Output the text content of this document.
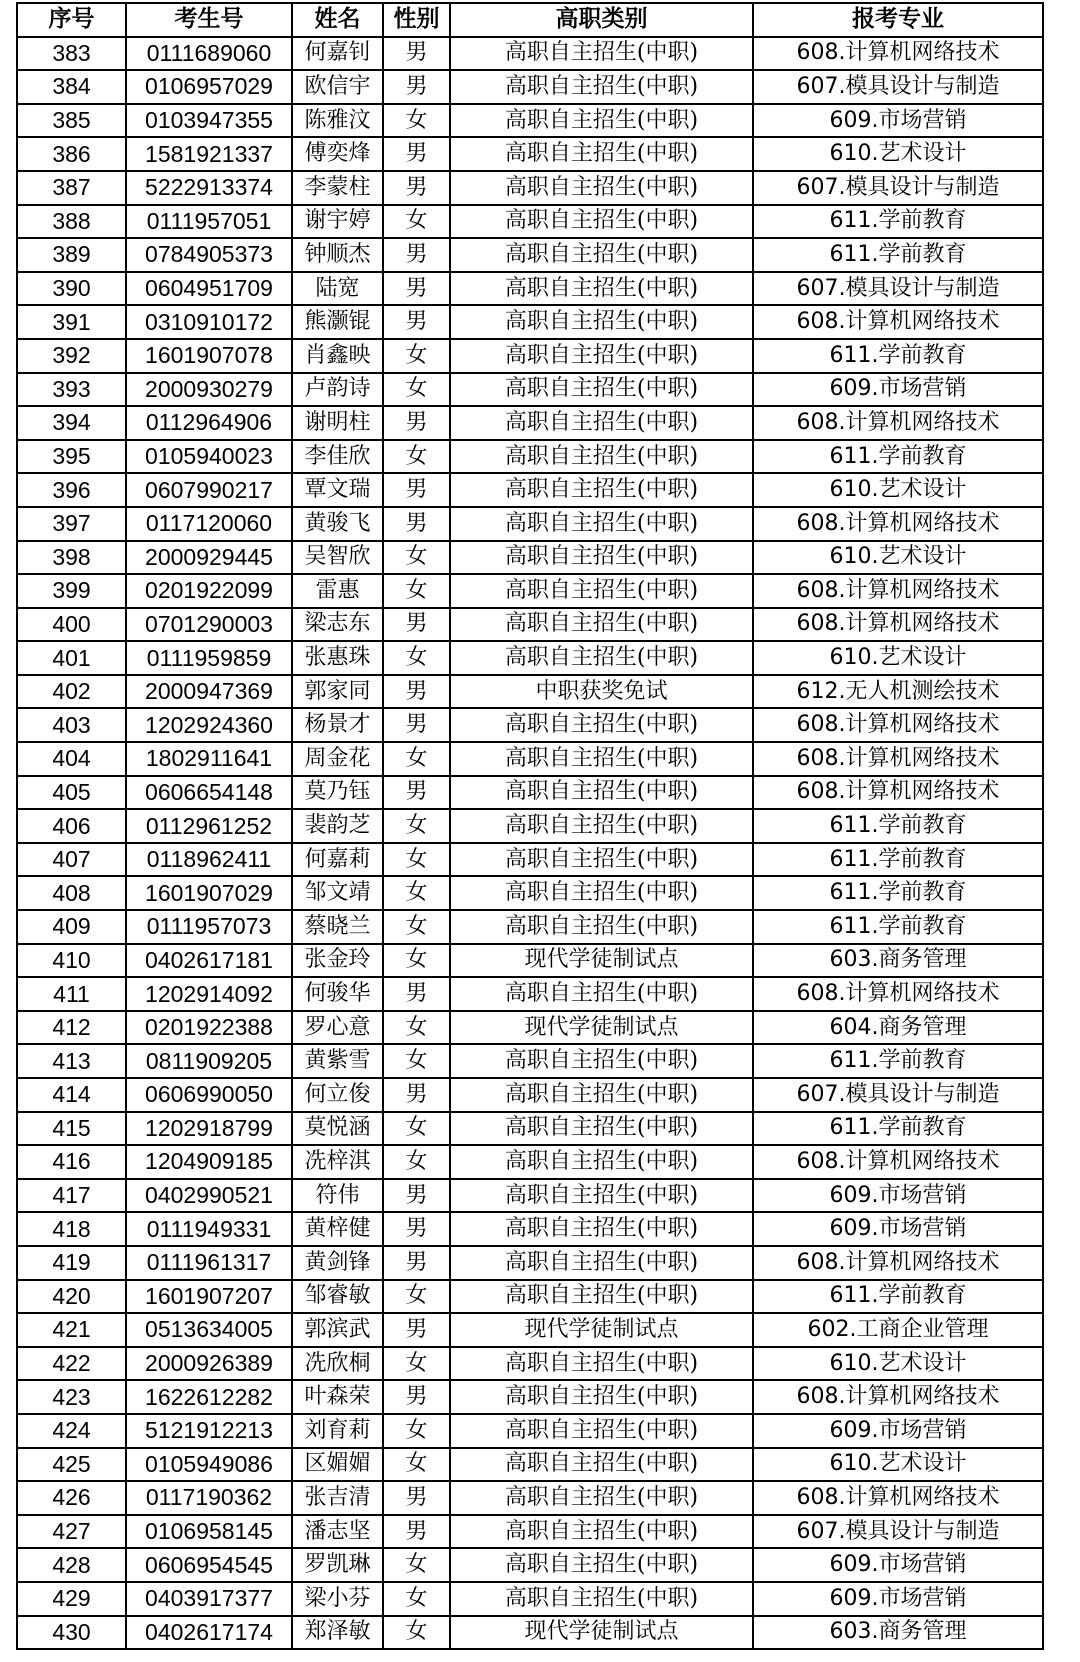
序号	考生号	姓名	性别	高职类别	报考专业
383	0111689060	何嘉钊	男	高职自主招生(中职)	608.计算机网络技术
384	0106957029	欧信宇	男	高职自主招生(中职)	607.模具设计与制造
385	0103947355	陈雅汶	女	高职自主招生(中职)	609.市场营销
386	1581921337	傅奕烽	男	高职自主招生(中职)	610.艺术设计
387	5222913374	李蒙柱	男	高职自主招生(中职)	607.模具设计与制造
388	0111957051	谢宇婷	女	高职自主招生(中职)	611.学前教育
389	0784905373	钟顺杰	男	高职自主招生(中职)	611.学前教育
390	0604951709	陆宽	男	高职自主招生(中职)	607.模具设计与制造
391	0310910172	熊灏锟	男	高职自主招生(中职)	608.计算机网络技术
392	1601907078	肖鑫映	女	高职自主招生(中职)	611.学前教育
393	2000930279	卢韵诗	女	高职自主招生(中职)	609.市场营销
394	0112964906	谢明柱	男	高职自主招生(中职)	608.计算机网络技术
395	0105940023	李佳欣	女	高职自主招生(中职)	611.学前教育
396	0607990217	覃文瑞	男	高职自主招生(中职)	610.艺术设计
397	0117120060	黄骏飞	男	高职自主招生(中职)	608.计算机网络技术
398	2000929445	吴智欣	女	高职自主招生(中职)	610.艺术设计
399	0201922099	雷惠	女	高职自主招生(中职)	608.计算机网络技术
400	0701290003	梁志东	男	高职自主招生(中职)	608.计算机网络技术
401	0111959859	张惠珠	女	高职自主招生(中职)	610.艺术设计
402	2000947369	郭家同	男	中职获奖免试	612.无人机测绘技术
403	1202924360	杨景才	男	高职自主招生(中职)	608.计算机网络技术
404	1802911641	周金花	女	高职自主招生(中职)	608.计算机网络技术
405	0606654148	莫乃钰	男	高职自主招生(中职)	608.计算机网络技术
406	0112961252	裴韵芝	女	高职自主招生(中职)	611.学前教育
407	0118962411	何嘉莉	女	高职自主招生(中职)	611.学前教育
408	1601907029	邹文靖	女	高职自主招生(中职)	611.学前教育
409	0111957073	蔡晓兰	女	高职自主招生(中职)	611.学前教育
410	0402617181	张金玲	女	现代学徒制试点	603.商务管理
411	1202914092	何骏华	男	高职自主招生(中职)	608.计算机网络技术
412	0201922388	罗心意	女	现代学徒制试点	604.商务管理
413	0811909205	黄紫雪	女	高职自主招生(中职)	611.学前教育
414	0606990050	何立俊	男	高职自主招生(中职)	607.模具设计与制造
415	1202918799	莫悦涵	女	高职自主招生(中职)	611.学前教育
416	1204909185	冼梓淇	女	高职自主招生(中职)	608.计算机网络技术
417	0402990521	符伟	男	高职自主招生(中职)	609.市场营销
418	0111949331	黄梓健	男	高职自主招生(中职)	609.市场营销
419	0111961317	黄剑锋	男	高职自主招生(中职)	608.计算机网络技术
420	1601907207	邹睿敏	女	高职自主招生(中职)	611.学前教育
421	0513634005	郭滨武	男	现代学徒制试点	602.工商企业管理
422	2000926389	冼欣桐	女	高职自主招生(中职)	610.艺术设计
423	1622612282	叶森荣	男	高职自主招生(中职)	608.计算机网络技术
424	5121912213	刘育莉	女	高职自主招生(中职)	609.市场营销
425	0105949086	区媚媚	女	高职自主招生(中职)	610.艺术设计
426	0117190362	张吉清	男	高职自主招生(中职)	608.计算机网络技术
427	0106958145	潘志坚	男	高职自主招生(中职)	607.模具设计与制造
428	0606954545	罗凯琳	女	高职自主招生(中职)	609.市场营销
429	0403917377	梁小芬	女	高职自主招生(中职)	609.市场营销
430	0402617174	郑泽敏	女	现代学徒制试点	603.商务管理
